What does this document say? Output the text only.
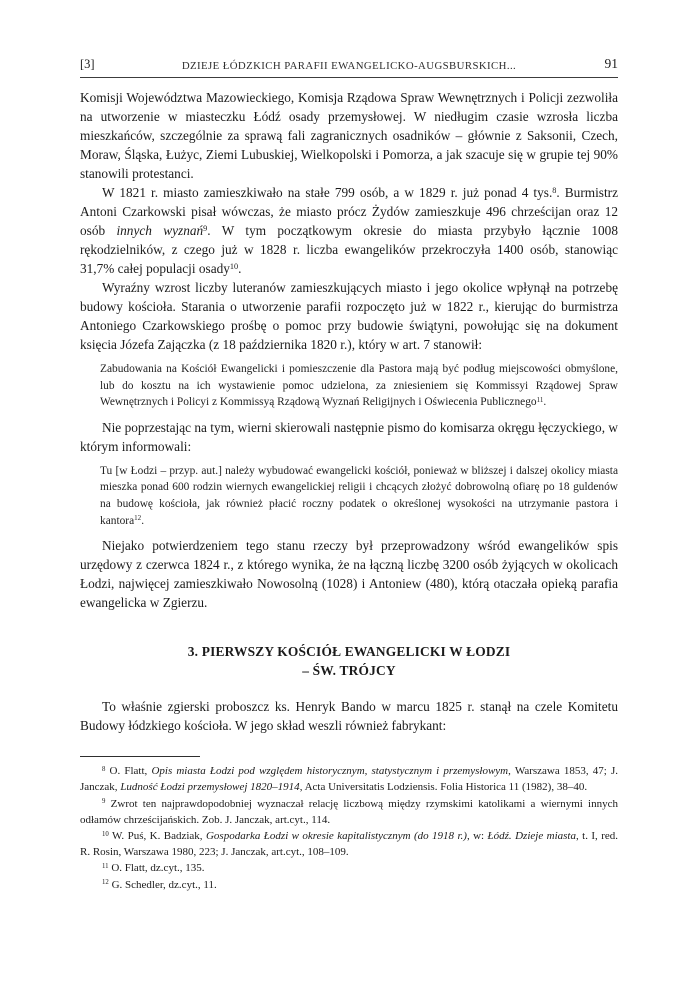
[3]	DZIEJE ŁÓDZKICH PARAFII EWANGELICKO-AUGSBURSKICH...	91

Komisji Województwa Mazowieckiego, Komisja Rządowa Spraw Wewnętrznych i Policji zezwoliła na utworzenie w miasteczku Łódź osady przemysłowej. W niedługim czasie wzrosła liczba mieszkańców, szczególnie za sprawą fali zagranicznych osadników – głównie z Saksonii, Czech, Moraw, Śląska, Łużyc, Ziemi Lubuskiej, Wielkopolski i Pomorza, a jak szacuje się w grupie tej 90% stanowili protestanci.

W 1821 r. miasto zamieszkiwało na stałe 799 osób, a w 1829 r. już ponad 4 tys.$^8$. Burmistrz Antoni Czarkowski pisał wówczas, że miasto prócz Żydów zamieszkuje 496 chrześcijan oraz 12 osób innych wyznań$^9$. W tym początkowym okresie do miasta przybyło łącznie 1008 rękodzielników, z czego już w 1828 r. liczba ewangelików przekroczyła 1400 osób, stanowiąc 31,7% całej populacji osady$^{10}$.

Wyraźny wzrost liczby luteranów zamieszkujących miasto i jego okolice wpłynął na potrzebę budowy kościoła. Starania o utworzenie parafii rozpoczęto już w 1822 r., kierując do burmistrza Antoniego Czarkowskiego prośbę o pomoc przy budowie świątyni, powołując się na dokument księcia Józefa Zajączka (z 18 października 1820 r.), który w art. 7 stanowił:

Zabudowania na Kościół Ewangelicki i pomieszczenie dla Pastora mają być podług miejscowości obmyślone, lub do kosztu na ich wystawienie pomoc udzielona, za zniesieniem się Kommissyi Rządowej Spraw Wewnętrznych i Policyi z Kommissyą Rządową Wyznań Religijnych i Oświecenia Publicznego$^{11}$.

Nie poprzestając na tym, wierni skierowali następnie pismo do komisarza okręgu łęczyckiego, w którym informowali:

Tu [w Łodzi – przyp. aut.] należy wybudować ewangelicki kościół, ponieważ w bliższej i dalszej okolicy miasta mieszka ponad 600 rodzin wiernych ewangelickiej religii i chcących złożyć dobrowolną ofiarę po 18 guldenów na budowę kościoła, jak również płacić roczny podatek o określonej wysokości na utrzymanie pastora i kantora$^{12}$.

Niejako potwierdzeniem tego stanu rzeczy był przeprowadzony wśród ewangelików spis urzędowy z czerwca 1824 r., z którego wynika, że na łączną liczbę 3200 osób żyjących w okolicach Łodzi, najwięcej zamieszkiwało Nowosolną (1028) i Antoniew (480), którą otaczała opieką parafia ewangelicka w Zgierzu.

3. PIERWSZY KOŚCIÓŁ EWANGELICKI W ŁODZI
– ŚW. TRÓJCY

To właśnie zgierski proboszcz ks. Henryk Bando w marcu 1825 r. stanął na czele Komitetu Budowy łódzkiego kościoła. W jego skład weszli również fabrykant:

$^8$ O. Flatt, Opis miasta Łodzi pod względem historycznym, statystycznym i przemysłowym, Warszawa 1853, 47; J. Janczak, Ludność Łodzi przemysłowej 1820–1914, Acta Universitatis Lodziensis. Folia Historica 11 (1982), 38–40.

$^9$ Zwrot ten najprawdopodobniej wyznaczał relację liczbową między rzymskimi katolikami a wiernymi innych odłamów chrześcijańskich. Zob. J. Janczak, art.cyt., 114.

$^{10}$ W. Puś, K. Badziak, Gospodarka Łodzi w okresie kapitalistycznym (do 1918 r.), w: Łódź. Dzieje miasta, t. I, red. R. Rosin, Warszawa 1980, 223; J. Janczak, art.cyt., 108–109.

$^{11}$ O. Flatt, dz.cyt., 135.

$^{12}$ G. Schedler, dz.cyt., 11.
